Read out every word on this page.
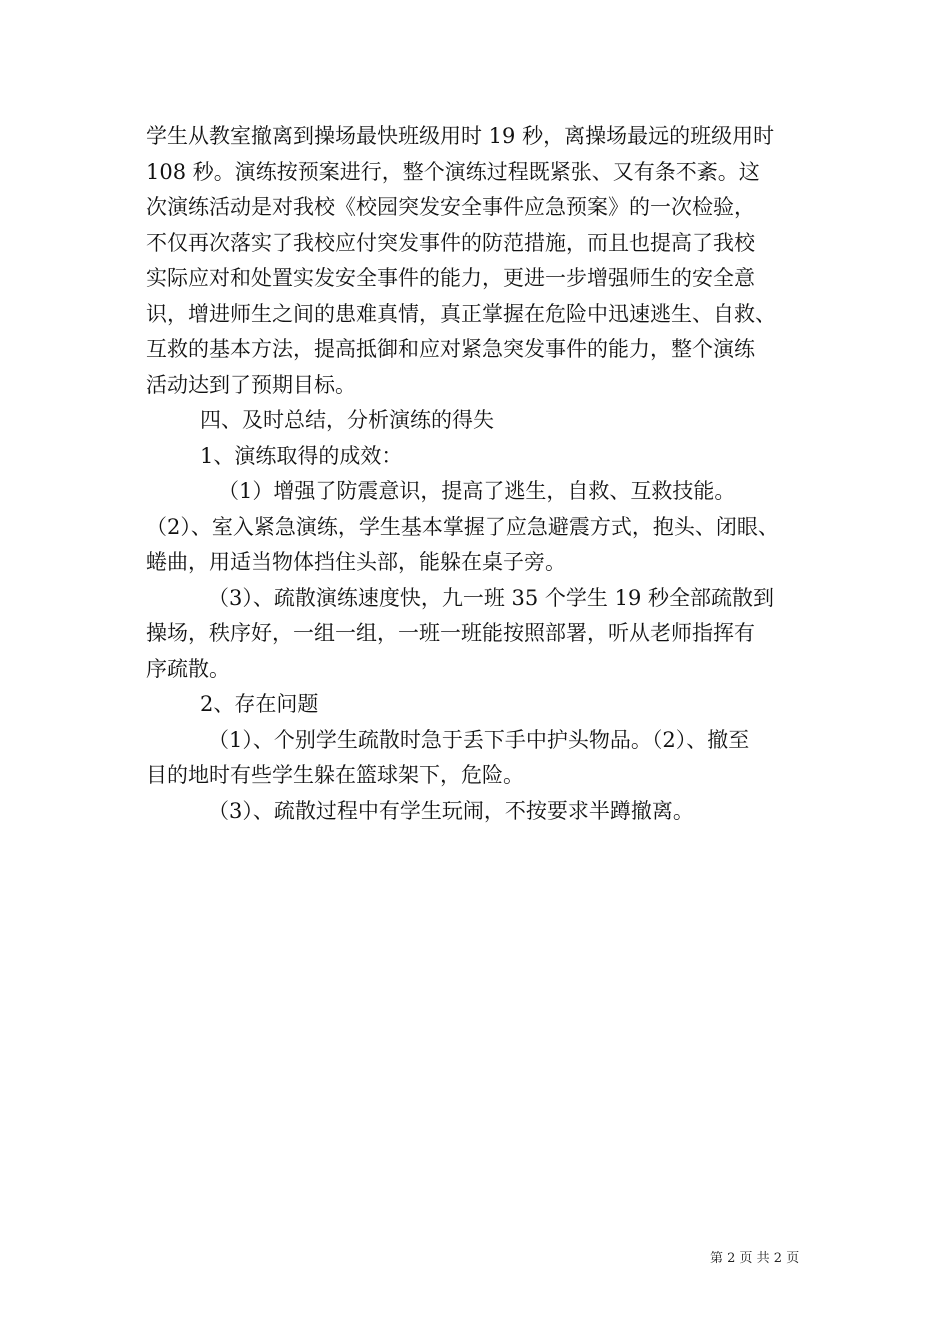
学生从教室撤离到操场最快班级用时 19 秒，离操场最远的班级用时
108 秒。演练按预案进行，整个演练过程既紧张、又有条不紊。这
次演练活动是对我校《校园突发安全事件应急预案》的一次检验，
不仅再次落实了我校应付突发事件的防范措施，而且也提高了我校
实际应对和处置实发安全事件的能力，更进一步增强师生的安全意
识，增进师生之间的患难真情，真正掌握在危险中迅速逃生、自救、
互救的基本方法，提高抵御和应对紧急突发事件的能力，整个演练
活动达到了预期目标。

四、及时总结，分析演练的得失

1、演练取得的成效：

（1）增强了防震意识，提高了逃生，自救、互救技能。
（2）、室入紧急演练，学生基本掌握了应急避震方式，抱头、闭眼、
蜷曲，用适当物体挡住头部，能躲在桌子旁。

（3）、疏散演练速度快，九一班 35 个学生 19 秒全部疏散到
操场，秩序好，一组一组，一班一班能按照部署，听从老师指挥有
序疏散。

2、存在问题

（1）、个别学生疏散时急于丢下手中护头物品。（2）、撤至
目的地时有些学生躲在篮球架下，危险。

（3）、疏散过程中有学生玩闹，不按要求半蹲撤离。

第 2 页 共 2 页
